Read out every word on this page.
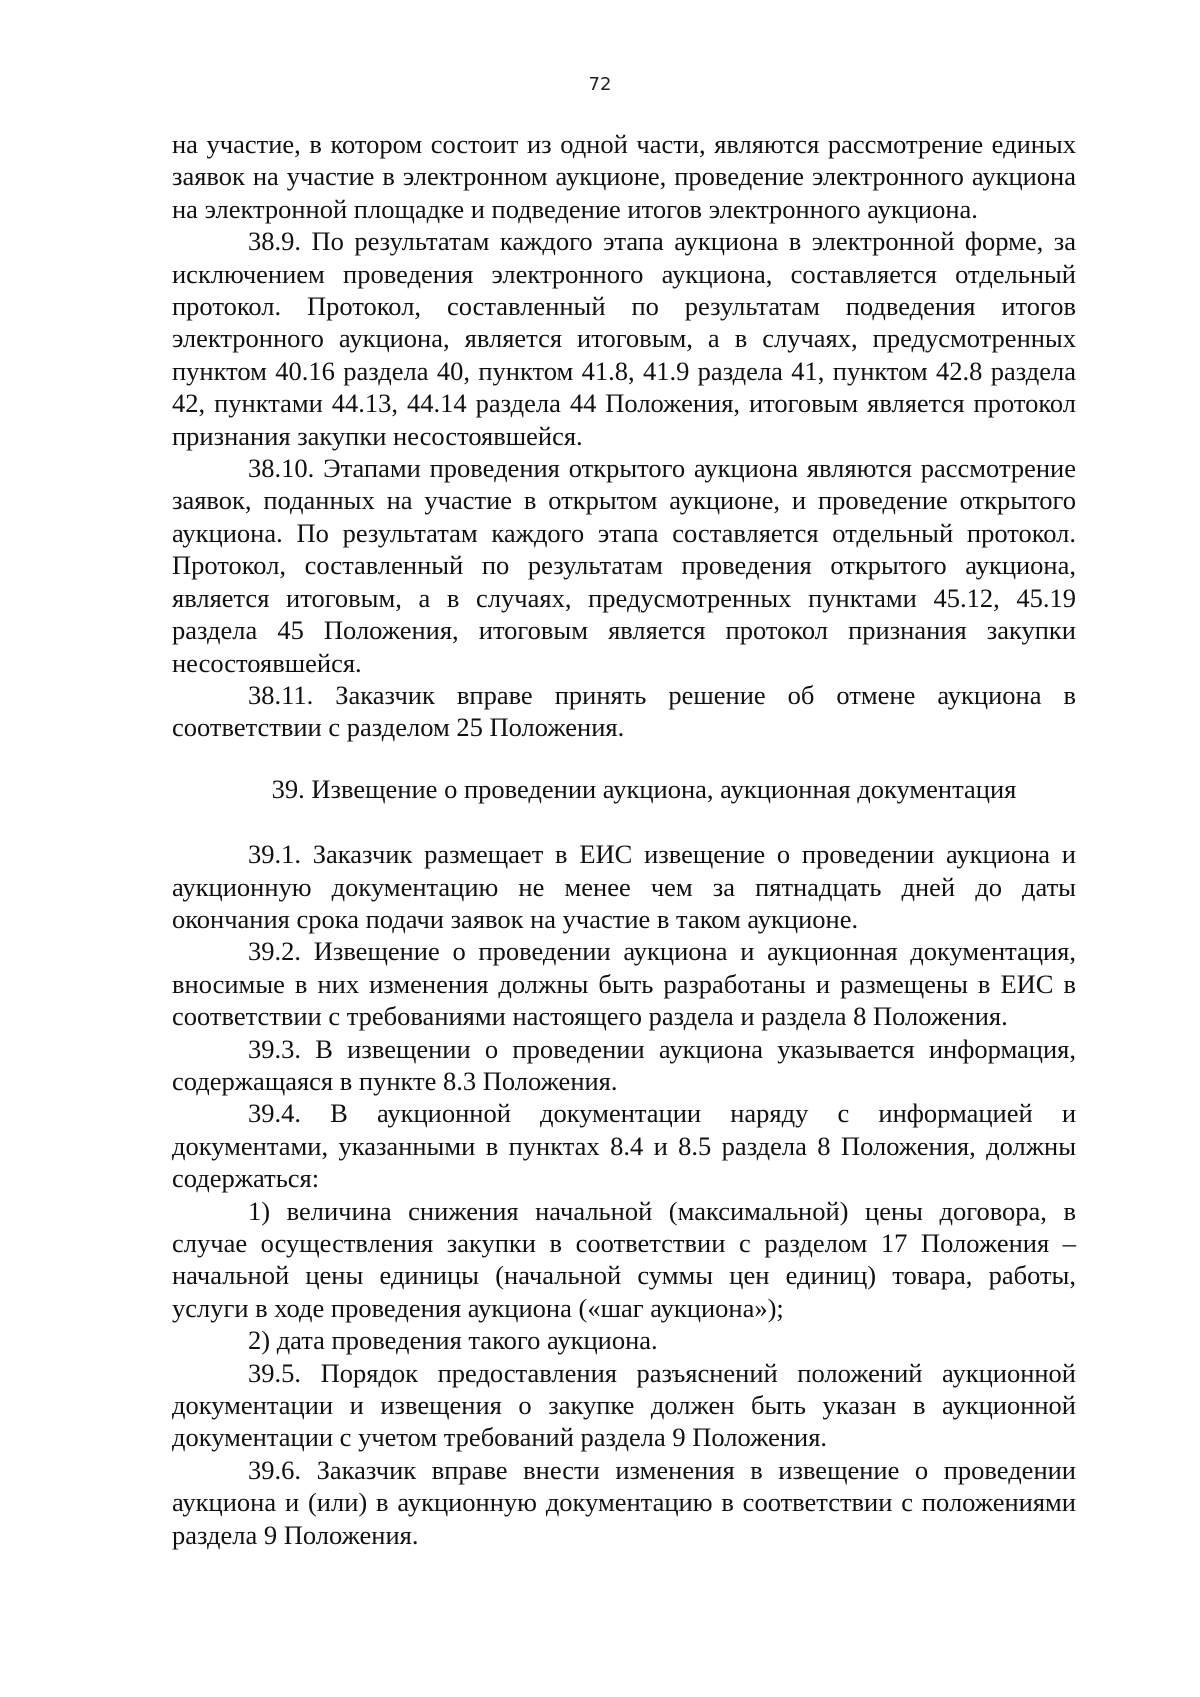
72

на участие, в котором состоит из одной части, являются рассмотрение единых заявок на участие в электронном аукционе, проведение электронного аукциона на электронной площадке и подведение итогов электронного аукциона.

38.9. По результатам каждого этапа аукциона в электронной форме, за исключением проведения электронного аукциона, составляется отдельный протокол. Протокол, составленный по результатам подведения итогов электронного аукциона, является итоговым, а в случаях, предусмотренных пунктом 40.16 раздела 40, пунктом 41.8, 41.9 раздела 41, пунктом 42.8 раздела 42, пунктами 44.13, 44.14 раздела 44 Положения, итоговым является протокол признания закупки несостоявшейся.

38.10. Этапами проведения открытого аукциона являются рассмотрение заявок, поданных на участие в открытом аукционе, и проведение открытого аукциона. По результатам каждого этапа составляется отдельный протокол. Протокол, составленный по результатам проведения открытого аукциона, является итоговым, а в случаях, предусмотренных пунктами 45.12, 45.19 раздела 45 Положения, итоговым является протокол признания закупки несостоявшейся.

38.11. Заказчик вправе принять решение об отмене аукциона в соответствии с разделом 25 Положения.

39. Извещение о проведении аукциона, аукционная документация

39.1. Заказчик размещает в ЕИС извещение о проведении аукциона и аукционную документацию не менее чем за пятнадцать дней до даты окончания срока подачи заявок на участие в таком аукционе.

39.2. Извещение о проведении аукциона и аукционная документация, вносимые в них изменения должны быть разработаны и размещены в ЕИС в соответствии с требованиями настоящего раздела и раздела 8 Положения.

39.3. В извещении о проведении аукциона указывается информация, содержащаяся в пункте 8.3 Положения.

39.4. В аукционной документации наряду с информацией и документами, указанными в пунктах 8.4 и 8.5 раздела 8 Положения, должны содержаться:

1) величина снижения начальной (максимальной) цены договора, в случае осуществления закупки в соответствии с разделом 17 Положения – начальной цены единицы (начальной суммы цен единиц) товара, работы, услуги в ходе проведения аукциона («шаг аукциона»);

2) дата проведения такого аукциона.

39.5. Порядок предоставления разъяснений положений аукционной документации и извещения о закупке должен быть указан в аукционной документации с учетом требований раздела 9 Положения.

39.6. Заказчик вправе внести изменения в извещение о проведении аукциона и (или) в аукционную документацию в соответствии с положениями раздела 9 Положения.
